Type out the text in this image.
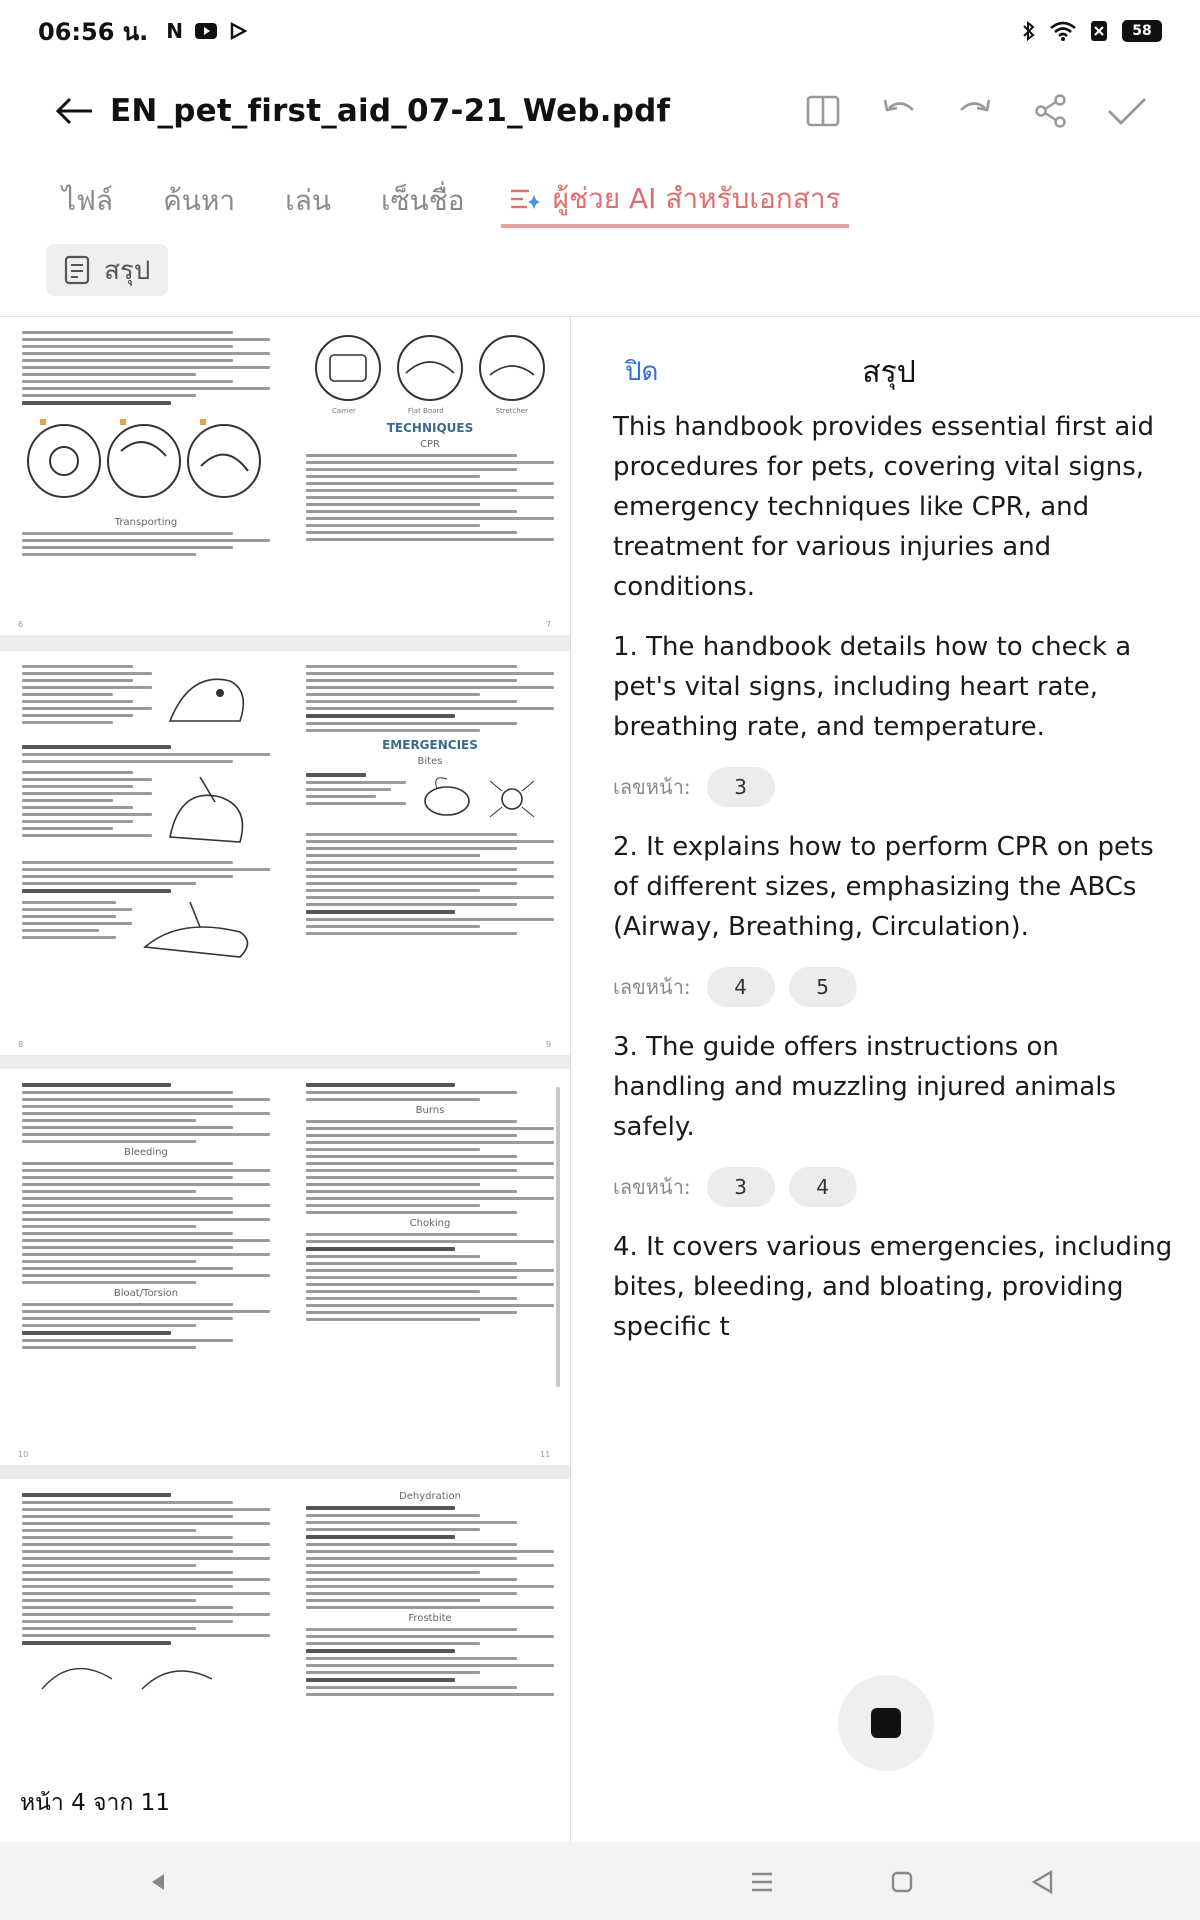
06:56 น. N	58
EN_pet_first_aid_07-21_Web.pdf
ไฟล์ ค้นหา เล่น เซ็นชื่อ	ผู้ช่วย AI สำหรับเอกสาร
สรุป
Transporting
Carrier	Flat Board	Stretcher
TECHNIQUES
CPR
6	7
EMERGENCIES
Bites
8	9
Bleeding
Bloat/Torsion
Burns
Choking
10	11
Dehydration
Frostbite
หน้า 4 จาก 11
สรุป
ปิด

This handbook provides essential first aid procedures for pets, covering vital signs, emergency techniques like CPR, and treatment for various injuries and conditions.

1. The handbook details how to check a pet's vital signs, including heart rate, breathing rate, and temperature.

เลขหน้า:	3

2. It explains how to perform CPR on pets of different sizes, emphasizing the ABCs (Airway, Breathing, Circulation).

เลขหน้า:	4	5

3. The guide offers instructions on handling and muzzling injured animals safely.

เลขหน้า:	3	4

4. It covers various emergencies, including bites, bleeding, and bloating, providing specific t
